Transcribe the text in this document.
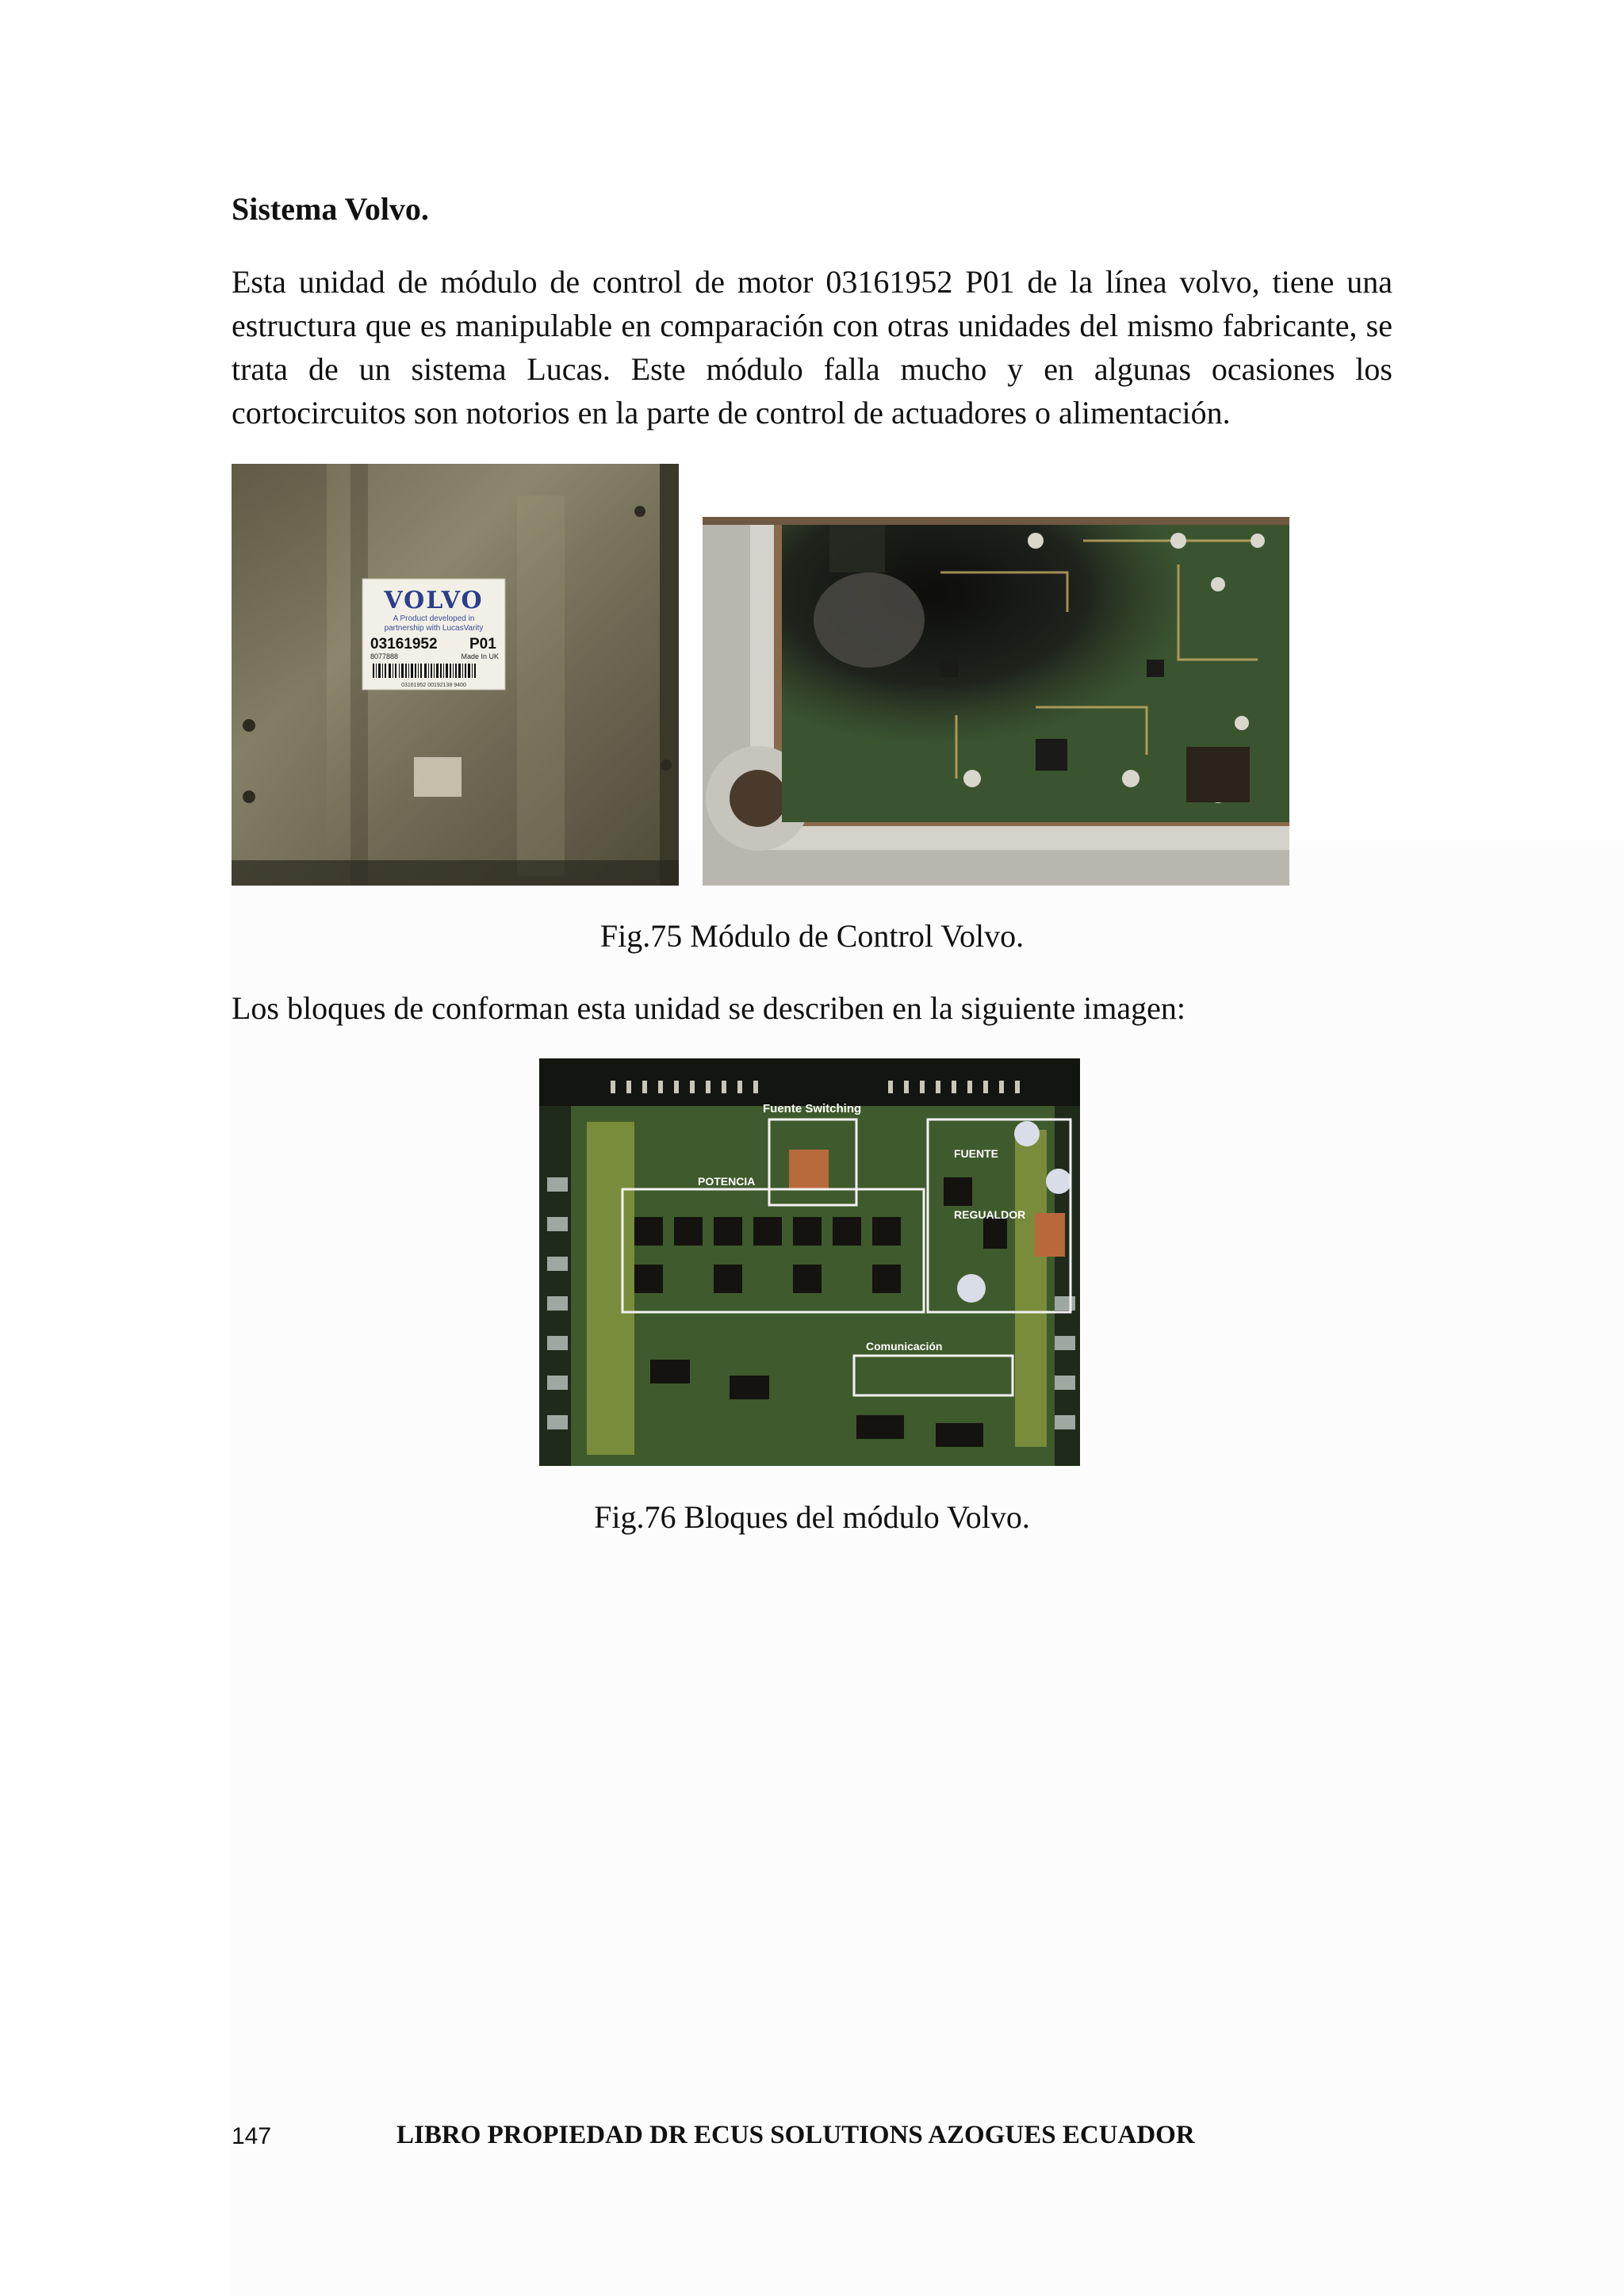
Sistema Volvo.
Esta unidad de módulo de control de motor 03161952 P01 de la línea volvo, tiene una estructura que es manipulable en comparación con otras unidades del mismo fabricante, se trata de un sistema Lucas. Este módulo falla mucho y en algunas ocasiones los cortocircuitos son notorios en la parte de control de actuadores o alimentación.
VOLVO
A Product developed in
partnership with LucasVarity
03161952 P01
8077888	Made In UK
03161952 00192138 9400
Fig.75 Módulo de Control Volvo.
Los bloques de conforman esta unidad se describen en la siguiente imagen:
Fuente Switching
POTENCIA
FUENTE
REGUALDOR
Comunicación
Fig.76 Bloques del módulo Volvo.
147	LIBRO PROPIEDAD DR ECUS SOLUTIONS AZOGUES ECUADOR
